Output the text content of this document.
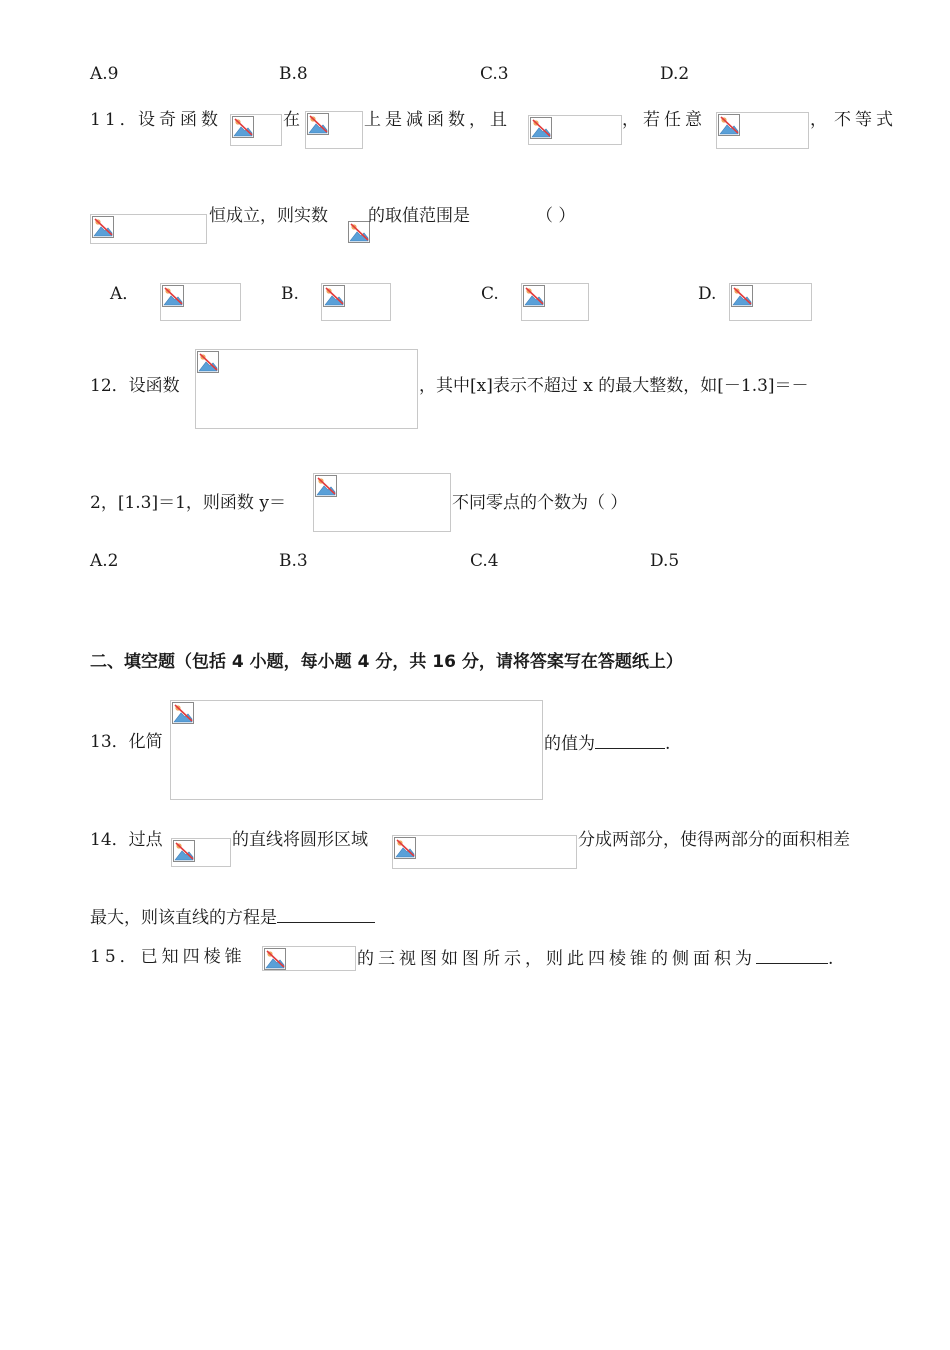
A.9	B.8	C.3	D.2
11．
设奇函数	在	上是减函数，且	，若任意	， 不等式
恒成立，则实数 的取值范围是	（ ）
A．	B.	C.	D.
12．设函数	，其中[x]表示不超过 x 的最大整数，如[－1.3]＝－
2，[1.3]＝1，则函数 y＝	不同零点的个数为（ ）
A.2	B.3	C.4	D.5
二、填空题（包括 4 小题，每小题 4 分，共 16 分，请将答案写在答题纸上）
13．化简	的值为	.
14．过点	的直线将圆形区域	分成两部分，使得两部分的面积相差
最大，则该直线的方程是
15．已知四棱锥	的三视图如图所示，则此四棱锥的侧面积为	.
